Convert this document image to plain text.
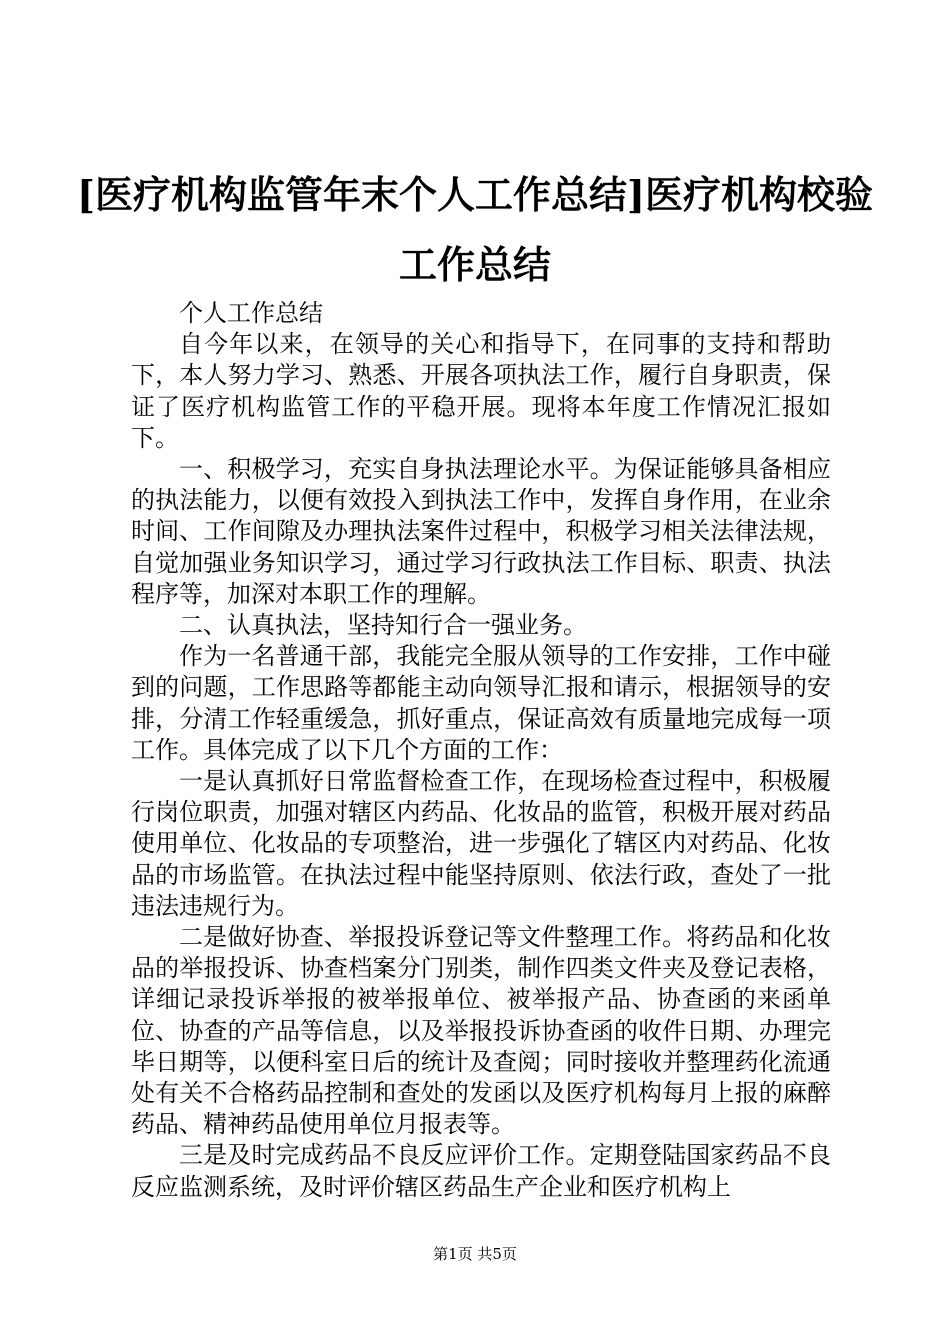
[医疗机构监管年末个人工作总结]医疗机构校验工作总结

个人工作总结

自今年以来，在领导的关心和指导下，在同事的支持和帮助下，本人努力学习、熟悉、开展各项执法工作，履行自身职责，保证了医疗机构监管工作的平稳开展。现将本年度工作情况汇报如下。

一、积极学习，充实自身执法理论水平。为保证能够具备相应的执法能力，以便有效投入到执法工作中，发挥自身作用，在业余时间、工作间隙及办理执法案件过程中，积极学习相关法律法规，自觉加强业务知识学习，通过学习行政执法工作目标、职责、执法程序等，加深对本职工作的理解。

二、认真执法，坚持知行合一强业务。

作为一名普通干部，我能完全服从领导的工作安排，工作中碰到的问题，工作思路等都能主动向领导汇报和请示，根据领导的安排，分清工作轻重缓急，抓好重点，保证高效有质量地完成每一项工作。具体完成了以下几个方面的工作：

一是认真抓好日常监督检查工作，在现场检查过程中，积极履行岗位职责，加强对辖区内药品、化妆品的监管，积极开展对药品使用单位、化妆品的专项整治，进一步强化了辖区内对药品、化妆品的市场监管。在执法过程中能坚持原则、依法行政，查处了一批违法违规行为。

二是做好协查、举报投诉登记等文件整理工作。将药品和化妆品的举报投诉、协查档案分门别类，制作四类文件夹及登记表格，详细记录投诉举报的被举报单位、被举报产品、协查函的来函单位、协查的产品等信息，以及举报投诉协查函的收件日期、办理完毕日期等，以便科室日后的统计及查阅；同时接收并整理药化流通处有关不合格药品控制和查处的发函以及医疗机构每月上报的麻醉药品、精神药品使用单位月报表等。

三是及时完成药品不良反应评价工作。定期登陆国家药品不良反应监测系统，及时评价辖区药品生产企业和医疗机构上

第1页 共5页
